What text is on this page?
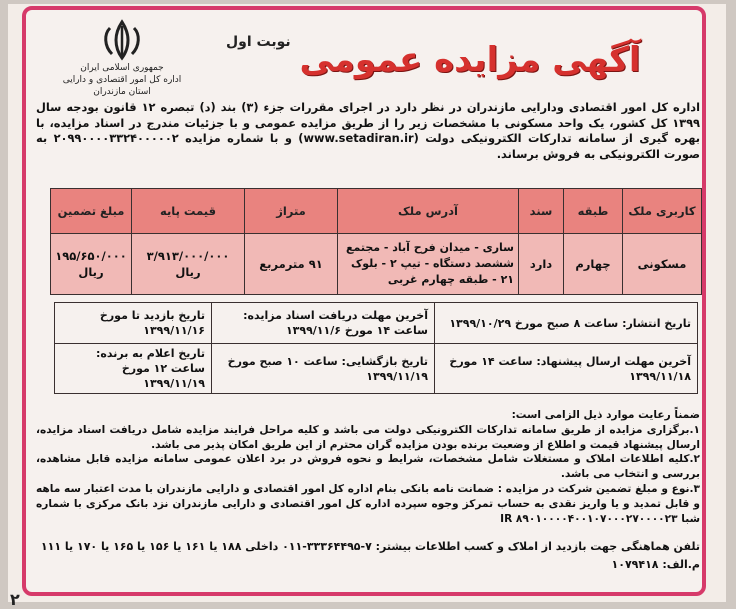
جمهوری اسلامی ایران
اداره کل امور اقتصادی و دارایی استان مازندران
نوبت اول آگهی مزایده عمومی
اداره کل امور اقتصادی ودارایی مازندران در نظر دارد در اجرای مقررات جزء (۳) بند (د) تبصره ۱۲ قانون بودجه سال ۱۳۹۹ کل کشور، یک واحد مسکونی با مشخصات زیر را از طریق مزایده عمومی و با جزئیات مندرج در اسناد مزایده، با بهره گیری از سامانه تدارکات الکترونیکی دولت (www.setadiran.ir) و با شماره مزایده ۲۰۹۹۰۰۰۰۳۳۲۴۰۰۰۰۰۲ به صورت الکترونیکی به فروش برساند.
کاربری ملک	طبقه	سند	آدرس ملک	متراژ	قیمت پایه	مبلغ تضمین
مسکونی	چهارم	دارد	ساری - میدان فرح آباد - مجتمع ششصد دستگاه - تیپ ۲ - بلوک ۲۱ - طبقه چهارم غربی	۹۱ مترمربع	۳/۹۱۳/۰۰۰/۰۰۰ ریال	۱۹۵/۶۵۰/۰۰۰ ریال
تاریخ انتشار: ساعت ۸ صبح مورخ ۱۳۹۹/۱۰/۲۹	آخرین مهلت دریافت اسناد مزایده: ساعت ۱۴ مورخ ۱۳۹۹/۱۱/۶	تاریخ بازدید تا مورخ ۱۳۹۹/۱۱/۱۶
آخرین مهلت ارسال پیشنهاد: ساعت ۱۴ مورخ ۱۳۹۹/۱۱/۱۸	تاریخ بازگشایی: ساعت ۱۰ صبح مورخ ۱۳۹۹/۱۱/۱۹	تاریخ اعلام به برنده: ساعت ۱۲ مورخ ۱۳۹۹/۱۱/۱۹

ضمناً رعایت موارد ذیل الزامی است:

۱.برگزاری مزایده از طریق سامانه تدارکات الکترونیکی دولت می باشد و کلیه مراحل فرایند مزایده شامل دریافت اسناد مزایده، ارسال پیشنهاد قیمت و اطلاع از وضعیت برنده بودن مزایده گران محترم از این طریق امکان پذیر می باشد.

۲.کلیه اطلاعات املاک و مستغلات شامل مشخصات، شرایط و نحوه فروش در برد اعلان عمومی سامانه مزایده قابل مشاهده، بررسی و انتخاب می باشد.

۳.نوع و مبلغ تضمین شرکت در مزایده : ضمانت نامه بانکی بنام اداره کل امور اقتصادی و دارایی مازندران با مدت اعتبار سه ماهه و قابل تمدید و یا واریز نقدی به حساب تمرکز وجوه سپرده اداره کل امور اقتصادی و دارایی مازندران نزد بانک مرکزی با شماره شبا IR ۸۹۰۱۰۰۰۰۴۰۰۱۰۷۰۰۰۲۷۰۰۰۰۲۳

تلفن هماهنگی جهت بازدید از املاک و کسب اطلاعات بیشتر: ۷-۳۳۳۶۴۴۹۵-۰۱۱ داخلی ۱۸۸ یا ۱۶۱ یا ۱۵۶ یا ۱۶۵ یا ۱۷۰ یا ۱۱۱

م.الف: ۱۰۷۹۴۱۸

۲
